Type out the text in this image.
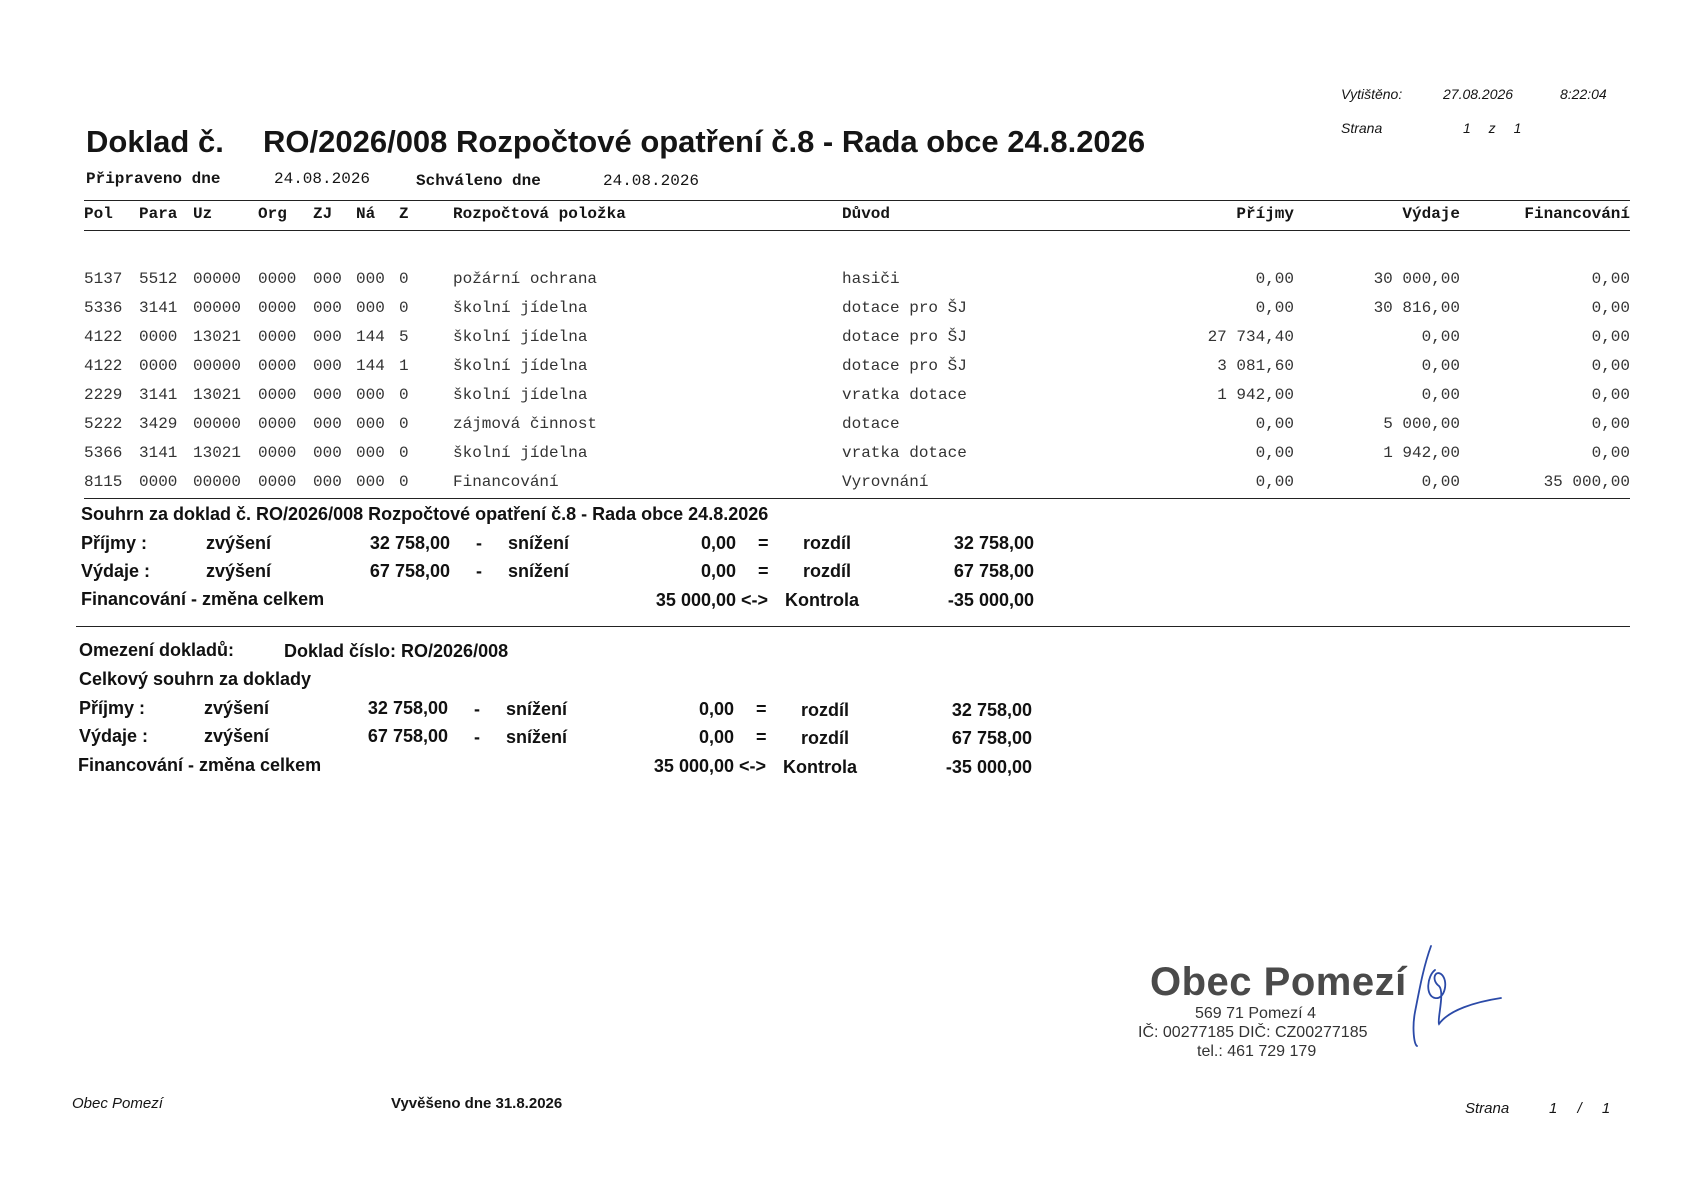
Vytištěno:	27.08.2026	8:22:04
Strana	1 z 1
Doklad č. RO/2026/008 Rozpočtové opatření č.8 - Rada obce 24.8.2026
Připraveno dne	24.08.2026	Schváleno dne	24.08.2026
Pol Para Uz	Org ZJ Ná Z	Rozpočtová položka	Důvod	Příjmy	Výdaje	Financování
5137 5512 00000 0000 000 000 0	požární ochrana	hasiči	0,00	30 000,00	0,00
5336 3141 00000 0000 000 000 0	školní jídelna	dotace pro ŠJ	0,00	30 816,00	0,00
4122 0000 13021 0000 000 144 5	školní jídelna	dotace pro ŠJ	27 734,40	0,00	0,00
4122 0000 00000 0000 000 144 1	školní jídelna	dotace pro ŠJ	3 081,60	0,00	0,00
2229 3141 13021 0000 000 000 0	školní jídelna	vratka dotace	1 942,00	0,00	0,00
5222 3429 00000 0000 000 000 0	zájmová činnost	dotace	0,00	5 000,00	0,00
5366 3141 13021 0000 000 000 0	školní jídelna	vratka dotace	0,00	1 942,00	0,00
8115 0000 00000 0000 000 000 0	Financování	Vyrovnání	0,00	0,00	35 000,00
Souhrn za doklad č. RO/2026/008 Rozpočtové opatření č.8 - Rada obce 24.8.2026
Příjmy :	zvýšení	32 758,00 - snížení	0,00 = rozdíl	32 758,00
Výdaje :	zvýšení	67 758,00 - snížení	0,00 = rozdíl	67 758,00
Financování - změna celkem	35 000,00 <-> Kontrola	-35 000,00
Omezení dokladů:	Doklad číslo: RO/2026/008
Celkový souhrn za doklady
Příjmy :	zvýšení	32 758,00 - snížení	0,00 = rozdíl	32 758,00
Výdaje :	zvýšení	67 758,00 - snížení	0,00 = rozdíl	67 758,00
Financování - změna celkem	35 000,00 <-> Kontrola	-35 000,00
Obec Pomezí
569 71 Pomezí 4
IČ: 00277185 DIČ: CZ00277185
tel.: 461 729 179
Obec Pomezí	Vyvěšeno dne 31.8.2026	Strana	1 / 1
